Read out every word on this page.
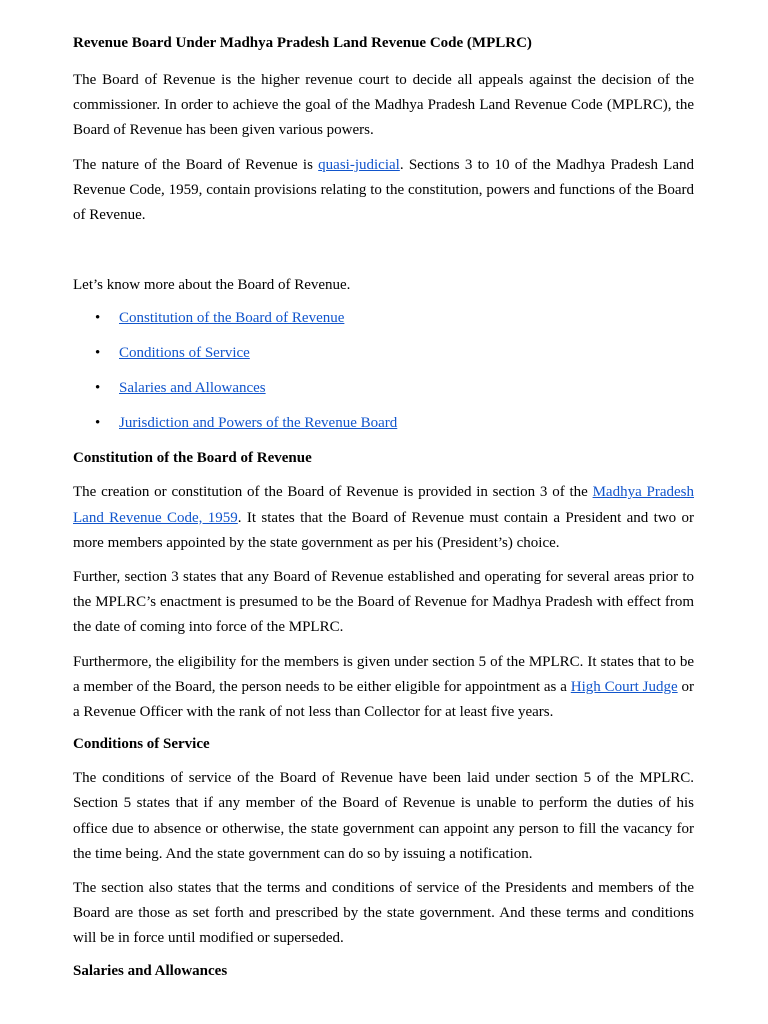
Revenue Board Under Madhya Pradesh Land Revenue Code (MPLRC)

The Board of Revenue is the higher revenue court to decide all appeals against the decision of the commissioner. In order to achieve the goal of the Madhya Pradesh Land Revenue Code (MPLRC), the Board of Revenue has been given various powers.

The nature of the Board of Revenue is quasi-judicial. Sections 3 to 10 of the Madhya Pradesh Land Revenue Code, 1959, contain provisions relating to the constitution, powers and functions of the Board of Revenue.

Let’s know more about the Board of Revenue.

• Constitution of the Board of Revenue
• Conditions of Service
• Salaries and Allowances
• Jurisdiction and Powers of the Revenue Board
Constitution of the Board of Revenue

The creation or constitution of the Board of Revenue is provided in section 3 of the Madhya Pradesh Land Revenue Code, 1959. It states that the Board of Revenue must contain a President and two or more members appointed by the state government as per his (President’s) choice.

Further, section 3 states that any Board of Revenue established and operating for several areas prior to the MPLRC’s enactment is presumed to be the Board of Revenue for Madhya Pradesh with effect from the date of coming into force of the MPLRC.

Furthermore, the eligibility for the members is given under section 5 of the MPLRC. It states that to be a member of the Board, the person needs to be either eligible for appointment as a High Court Judge or a Revenue Officer with the rank of not less than Collector for at least five years.

Conditions of Service

The conditions of service of the Board of Revenue have been laid under section 5 of the MPLRC. Section 5 states that if any member of the Board of Revenue is unable to perform the duties of his office due to absence or otherwise, the state government can appoint any person to fill the vacancy for the time being. And the state government can do so by issuing a notification.

The section also states that the terms and conditions of service of the Presidents and members of the Board are those as set forth and prescribed by the state government. And these terms and conditions will be in force until modified or superseded.

Salaries and Allowances
